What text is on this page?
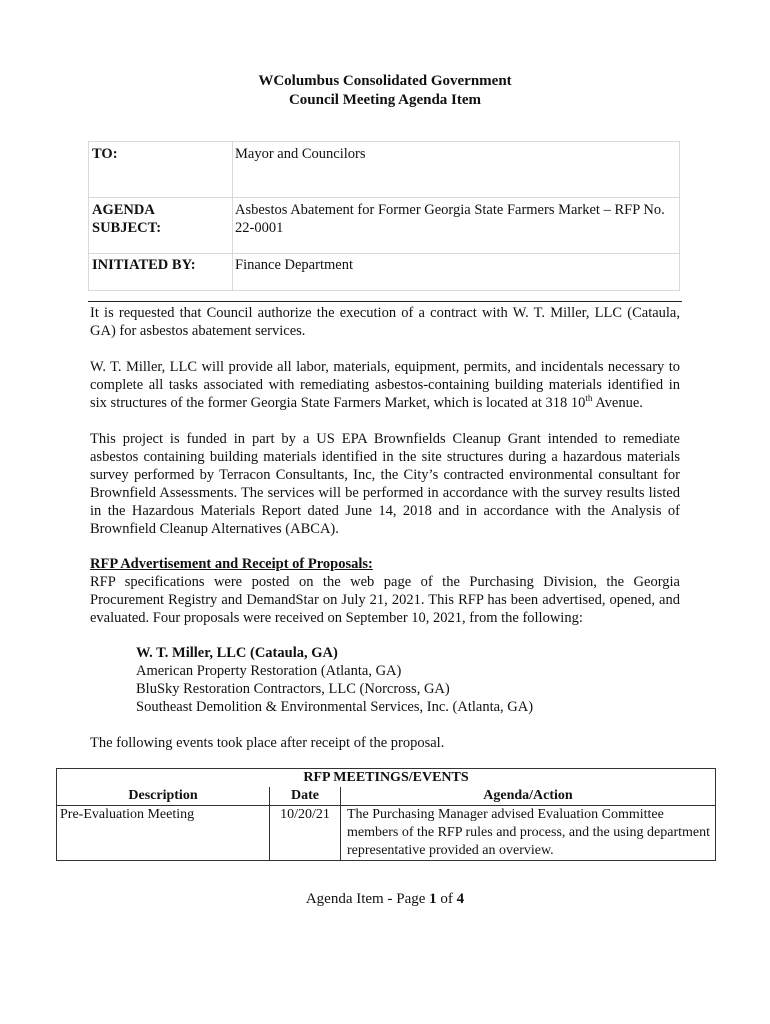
WColumbus Consolidated Government
Council Meeting Agenda Item
TO:	Mayor and Councilors

AGENDA
SUBJECT:	Asbestos Abatement for Former Georgia State Farmers Market – RFP No. 22-0001
INITIATED BY:	Finance Department
It is requested that Council authorize the execution of a contract with W. T. Miller, LLC (Cataula, GA) for asbestos abatement services.
W. T. Miller, LLC will provide all labor, materials, equipment, permits, and incidentals necessary to complete all tasks associated with remediating asbestos-containing building materials identified in six structures of the former Georgia State Farmers Market, which is located at 318 10th Avenue.
This project is funded in part by a US EPA Brownfields Cleanup Grant intended to remediate asbestos containing building materials identified in the site structures during a hazardous materials survey performed by Terracon Consultants, Inc, the City’s contracted environmental consultant for Brownfield Assessments. The services will be performed in accordance with the survey results listed in the Hazardous Materials Report dated June 14, 2018 and in accordance with the Analysis of Brownfield Cleanup Alternatives (ABCA).
RFP Advertisement and Receipt of Proposals:
RFP specifications were posted on the web page of the Purchasing Division, the Georgia Procurement Registry and DemandStar on July 21, 2021. This RFP has been advertised, opened, and evaluated. Four proposals were received on September 10, 2021, from the following:
W. T. Miller, LLC (Cataula, GA)
American Property Restoration (Atlanta, GA)
BluSky Restoration Contractors, LLC (Norcross, GA)
Southeast Demolition & Environmental Services, Inc. (Atlanta, GA)
The following events took place after receipt of the proposal.
RFP MEETINGS/EVENTS		
Description	Date	Agenda/Action
Pre-Evaluation Meeting	10/20/21	The Purchasing Manager advised Evaluation Committee members of the RFP rules and process, and the using department representative provided an overview.
Agenda Item - Page 1 of 4
